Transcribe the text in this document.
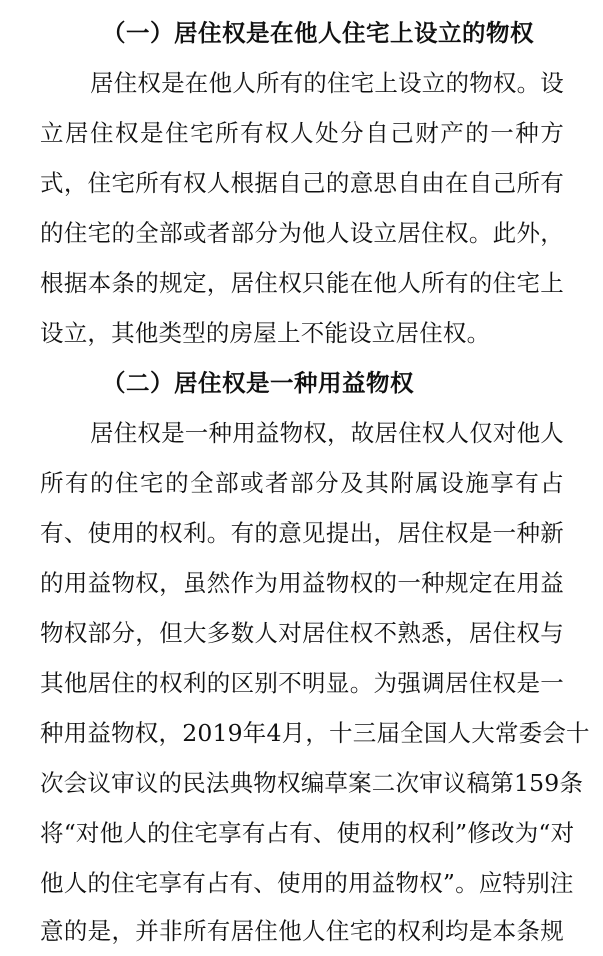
（一）居住权是在他人住宅上设立的物权
居住权是在他人所有的住宅上设立的物权。设
立居住权是住宅所有权人处分自己财产的一种方
式，住宅所有权人根据自己的意思自由在自己所有
的住宅的全部或者部分为他人设立居住权。此外，
根据本条的规定，居住权只能在他人所有的住宅上
设立，其他类型的房屋上不能设立居住权。
（二）居住权是一种用益物权
居住权是一种用益物权，故居住权人仅对他人
所有的住宅的全部或者部分及其附属设施享有占
有、使用的权利。有的意见提出，居住权是一种新
的用益物权，虽然作为用益物权的一种规定在用益
物权部分，但大多数人对居住权不熟悉，居住权与
其他居住的权利的区别不明显。为强调居住权是一
种用益物权，2019年4月，十三届全国人大常委会十
次会议审议的民法典物权编草案二次审议稿第159条
将“对他人的住宅享有占有、使用的权利”修改为“对
他人的住宅享有占有、使用的用益物权”。应特别注
意的是，并非所有居住他人住宅的权利均是本条规
